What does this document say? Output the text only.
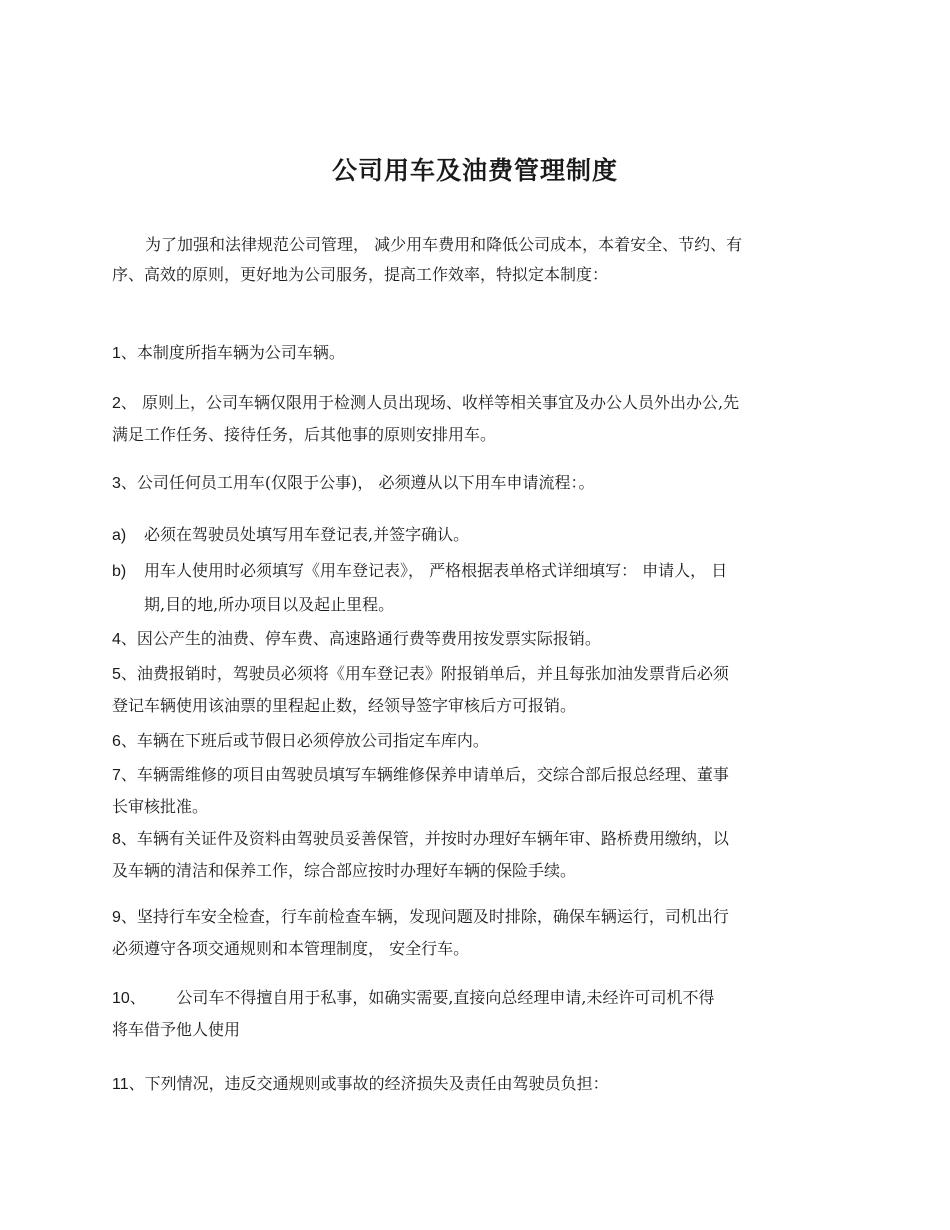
公司用车及油费管理制度

为了加强和法律规范公司管理， 减少用车费用和降低公司成本，本着安全、节约、有
序、高效的原则，更好地为公司服务，提高工作效率，特拟定本制度：

1、本制度所指车辆为公司车辆。

2、 原则上，公司车辆仅限用于检测人员出现场、收样等相关事宜及办公人员外出办公,先
满足工作任务、接待任务，后其他事的原则安排用车。

3、公司任何员工用车(仅限于公事)， 必须遵从以下用车申请流程：。

a) 必须在驾驶员处填写用车登记表,并签字确认。

b) 用车人使用时必须填写《用车登记表》， 严格根据表单格式详细填写： 申请人， 日
期,目的地,所办项目以及起止里程。

4、因公产生的油费、停车费、高速路通行费等费用按发票实际报销。

5、油费报销时，驾驶员必须将《用车登记表》附报销单后，并且每张加油发票背后必须
登记车辆使用该油票的里程起止数，经领导签字审核后方可报销。

6、车辆在下班后或节假日必须停放公司指定车库内。

7、车辆需维修的项目由驾驶员填写车辆维修保养申请单后，交综合部后报总经理、董事
长审核批准。

8、车辆有关证件及资料由驾驶员妥善保管，并按时办理好车辆年审、路桥费用缴纳，以
及车辆的清洁和保养工作，综合部应按时办理好车辆的保险手续。

9、坚持行车安全检查，行车前检查车辆，发现问题及时排除，确保车辆运行，司机出行
必须遵守各项交通规则和本管理制度， 安全行车。

10、      公司车不得擅自用于私事，如确实需要,直接向总经理申请,未经许可司机不得
将车借予他人使用

11、下列情况，违反交通规则或事故的经济损失及责任由驾驶员负担：
